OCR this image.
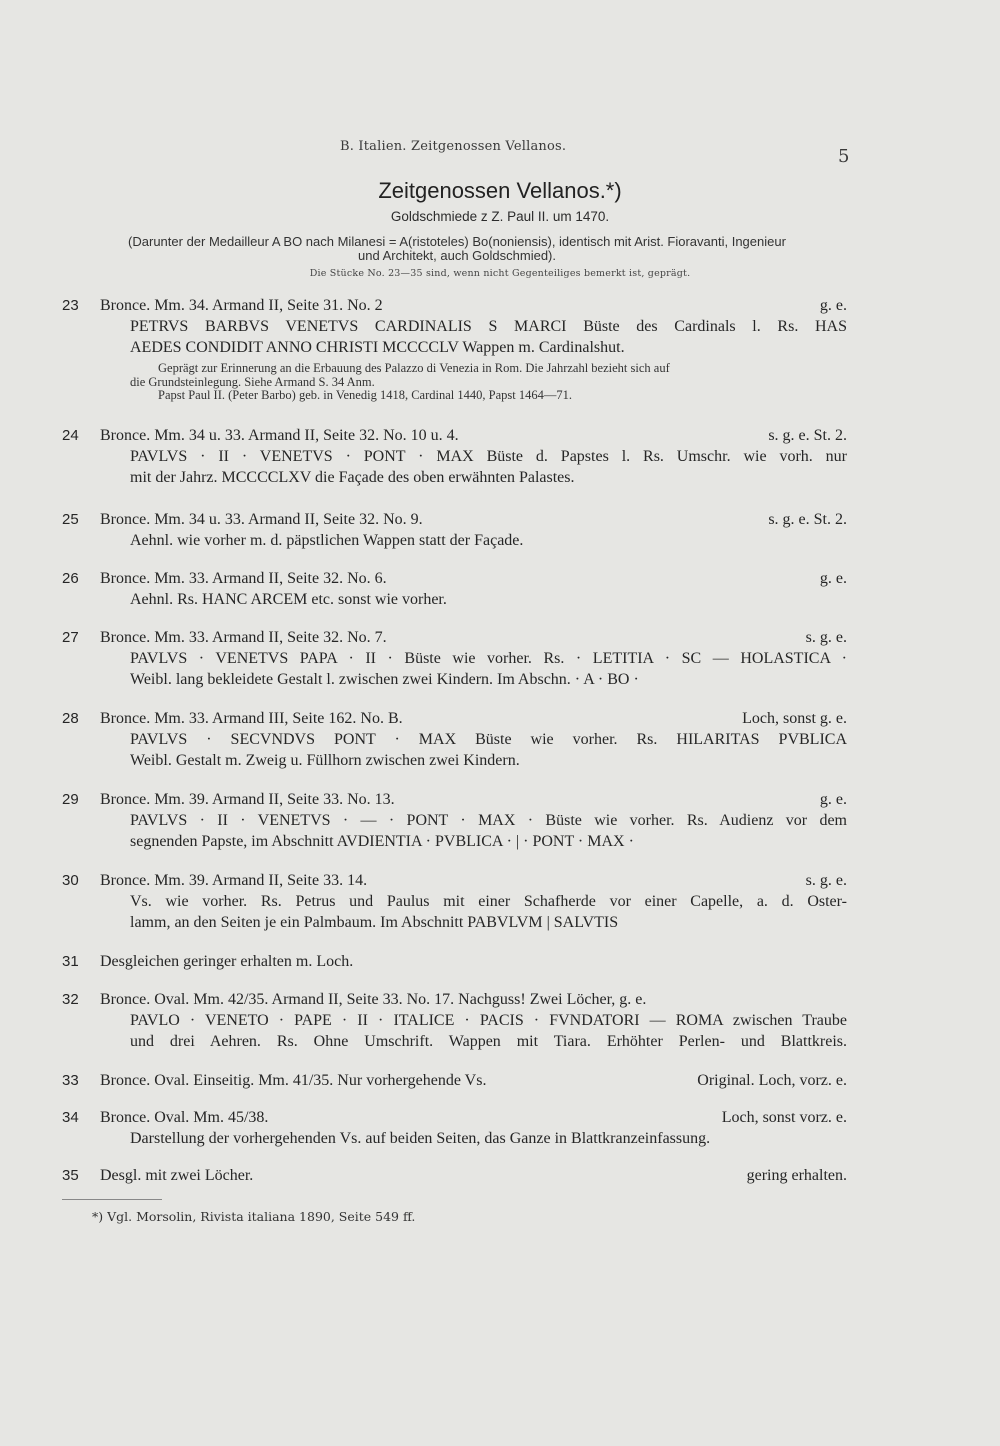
B. Italien. Zeitgenossen Vellanos.	5
Zeitgenossen Vellanos.*)
Goldschmiede z Z. Paul II. um 1470.
(Darunter der Medailleur A BO nach Milanesi = A(ristoteles) Bo(noniensis), identisch mit Arist. Fioravanti, Ingenieur
und Architekt, auch Goldschmied).
Die Stücke No. 23—35 sind, wenn nicht Gegenteiliges bemerkt ist, geprägt.
23 Bronce. Mm. 34. Armand II, Seite 31. No. 2	g. e.
PETRVS BARBVS VENETVS CARDINALIS S MARCI Büste des Cardinals l. Rs. HAS
AEDES CONDIDIT ANNO CHRISTI MCCCCLV Wappen m. Cardinalshut.
Geprägt zur Erinnerung an die Erbauung des Palazzo di Venezia in Rom. Die Jahrzahl bezieht sich auf
die Grundsteinlegung. Siehe Armand S. 34 Anm.
Papst Paul II. (Peter Barbo) geb. in Venedig 1418, Cardinal 1440, Papst 1464—71.
24 Bronce. Mm. 34 u. 33. Armand II, Seite 32. No. 10 u. 4.	s. g. e. St. 2.
PAVLVS · II · VENETVS · PONT · MAX Büste d. Papstes l. Rs. Umschr. wie vorh. nur
mit der Jahrz. MCCCCLXV die Façade des oben erwähnten Palastes.
25 Bronce. Mm. 34 u. 33. Armand II, Seite 32. No. 9.	s. g. e. St. 2.
Aehnl. wie vorher m. d. päpstlichen Wappen statt der Façade.
26 Bronce. Mm. 33. Armand II, Seite 32. No. 6.	g. e.
Aehnl. Rs. HANC ARCEM etc. sonst wie vorher.
27 Bronce. Mm. 33. Armand II, Seite 32. No. 7.	s. g. e.
PAVLVS · VENETVS PAPA · II · Büste wie vorher. Rs. · LETITIA · SC — HOLASTICA ·
Weibl. lang bekleidete Gestalt l. zwischen zwei Kindern. Im Abschn. · A · BO ·
28 Bronce. Mm. 33. Armand III, Seite 162. No. B.	Loch, sonst g. e.
PAVLVS · SECVNDVS PONT · MAX Büste wie vorher. Rs. HILARITAS PVBLICA
Weibl. Gestalt m. Zweig u. Füllhorn zwischen zwei Kindern.
29 Bronce. Mm. 39. Armand II, Seite 33. No. 13.	g. e.
PAVLVS · II · VENETVS · — · PONT · MAX · Büste wie vorher. Rs. Audienz vor dem
segnenden Papste, im Abschnitt AVDIENTIA · PVBLICA · | · PONT · MAX ·
30 Bronce. Mm. 39. Armand II, Seite 33. 14.	s. g. e.
Vs. wie vorher. Rs. Petrus und Paulus mit einer Schafherde vor einer Capelle, a. d. Oster-
lamm, an den Seiten je ein Palmbaum. Im Abschnitt PABVLVM | SALVTIS
31 Desgleichen geringer erhalten m. Loch.
32 Bronce. Oval. Mm. 42/35. Armand II, Seite 33. No. 17. Nachguss! Zwei Löcher, g. e.
PAVLO · VENETO · PAPE · II · ITALICE · PACIS · FVNDATORI — ROMA zwischen Traube
und drei Aehren. Rs. Ohne Umschrift. Wappen mit Tiara. Erhöhter Perlen- und Blattkreis.
33 Bronce. Oval. Einseitig. Mm. 41/35. Nur vorhergehende Vs.	Original. Loch, vorz. e.
34 Bronce. Oval. Mm. 45/38.	Loch, sonst vorz. e.
Darstellung der vorhergehenden Vs. auf beiden Seiten, das Ganze in Blattkranzeinfassung.
35 Desgl. mit zwei Löcher.	gering erhalten.
*) Vgl. Morsolin, Rivista italiana 1890, Seite 549 ff.
